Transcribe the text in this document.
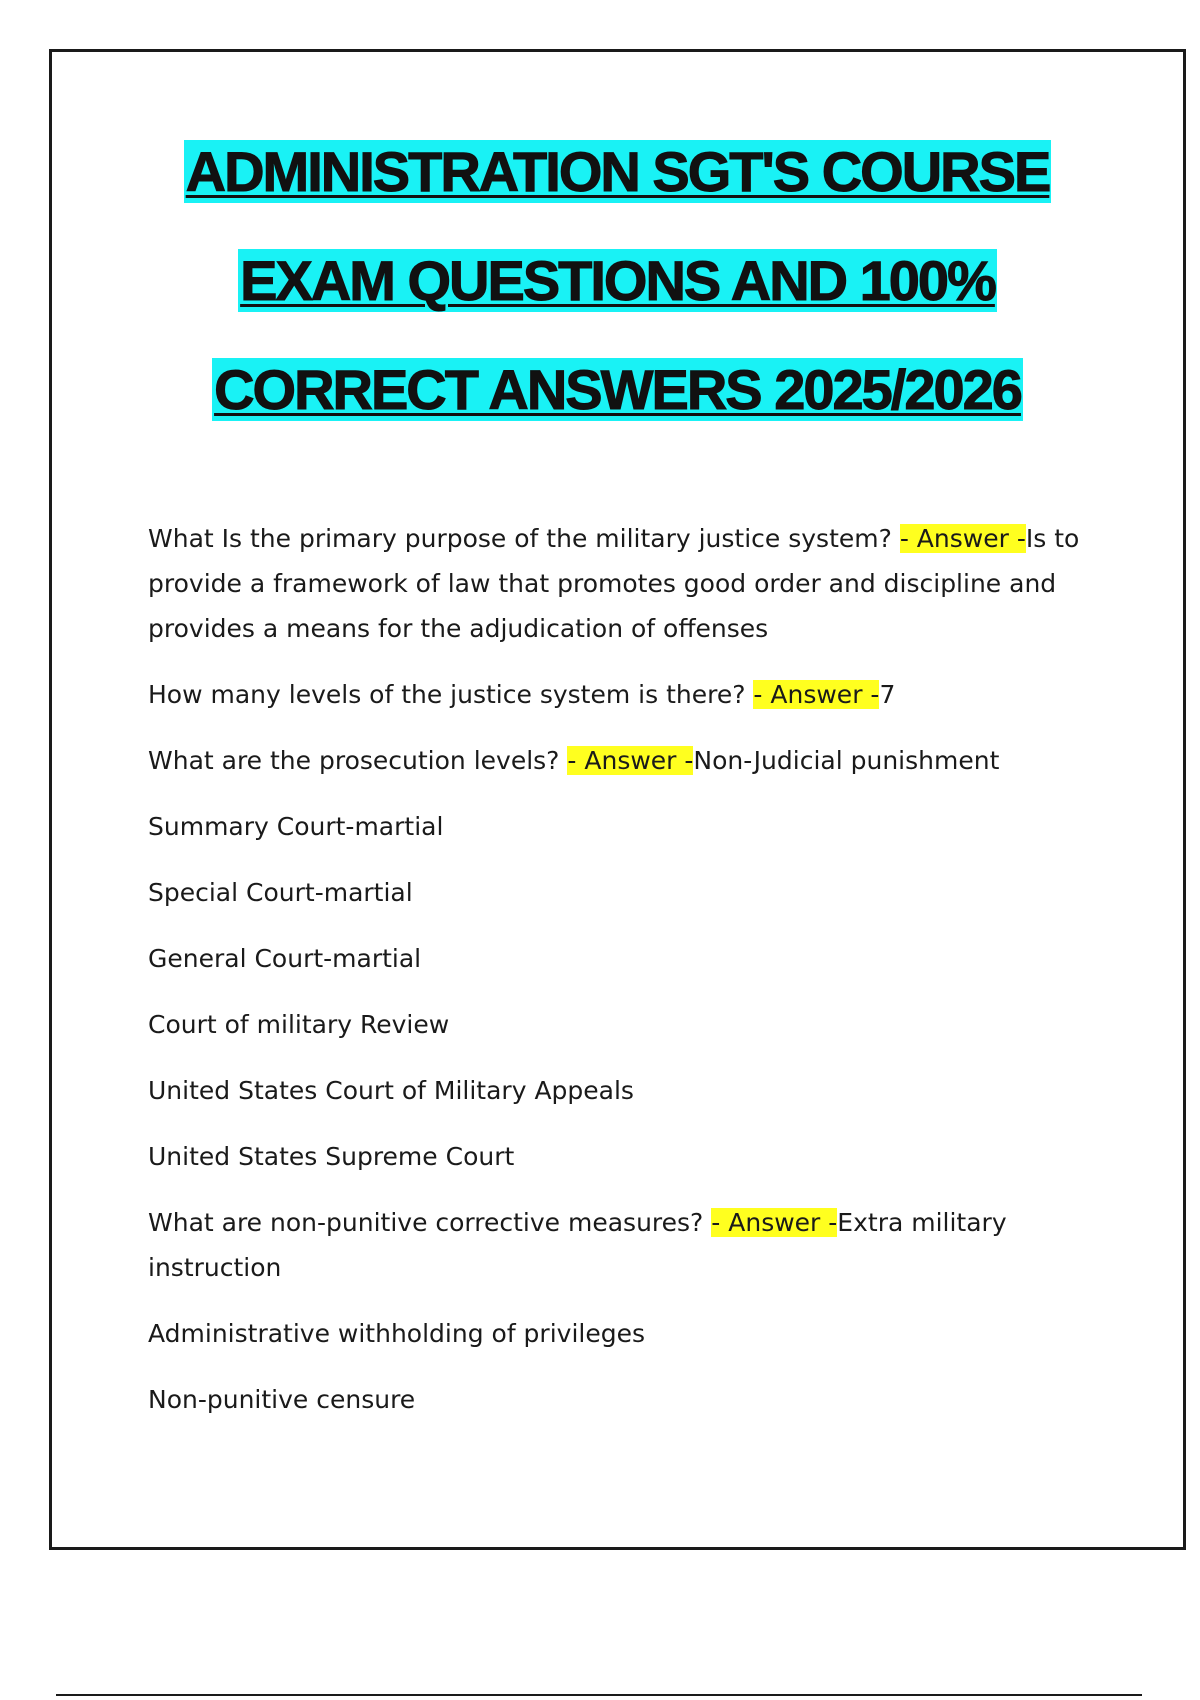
ADMINISTRATION SGT'S COURSE
EXAM QUESTIONS AND 100%
CORRECT ANSWERS 2025/2026
What Is the primary purpose of the military justice system? - Answer -Is to provide a framework of law that promotes good order and discipline and provides a means for the adjudication of offenses
How many levels of the justice system is there? - Answer -7
What are the prosecution levels? - Answer -Non-Judicial punishment
Summary Court-martial
Special Court-martial
General Court-martial
Court of military Review
United States Court of Military Appeals
United States Supreme Court
What are non-punitive corrective measures? - Answer -Extra military instruction
Administrative withholding of privileges
Non-punitive censure
